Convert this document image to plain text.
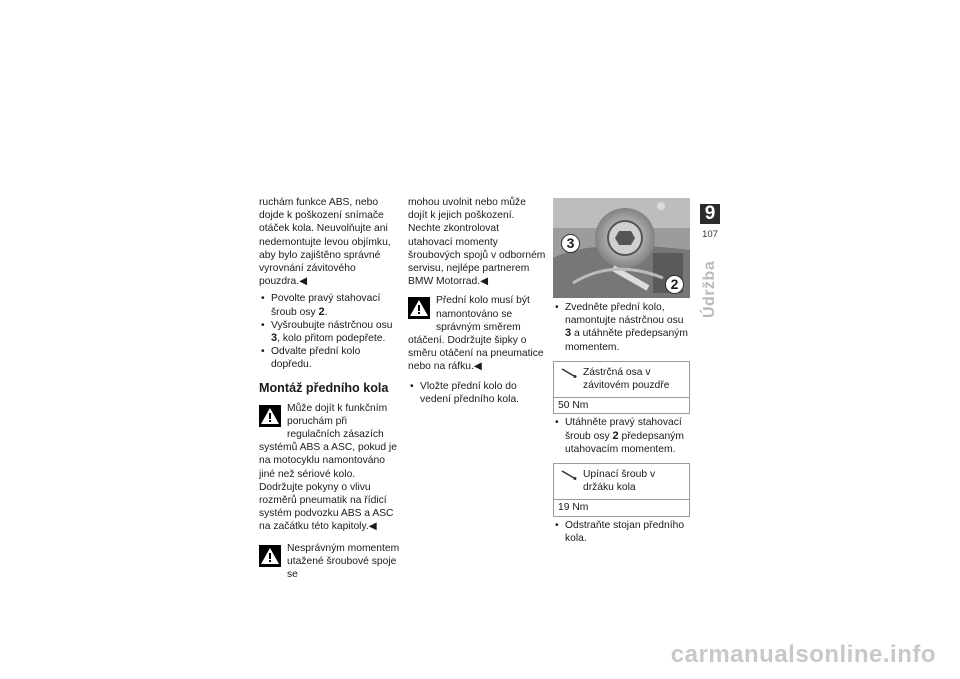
ruchám funkce ABS, nebo dojde k poškození snímače otáček kola. Neuvolňujte ani nedemontujte levou objímku, aby bylo zajištěno správné vyrovnání závitového pouzdra.◀

• Povolte pravý stahovací šroub osy 2.
• Vyšroubujte nástrčnou osu 3, kolo přitom podepřete.
• Odvalte přední kolo dopředu.
Montáž předního kola

Může dojít k funkčním poruchám při regulačních zásazích systémů ABS a ASC, pokud je na motocyklu namontováno jiné než sériové kolo. Dodržujte pokyny o vlivu rozměrů pneumatik na řídicí systém podvozku ABS a ASC na začátku této kapitoly.◀

Nesprávným momentem utažené šroubové spoje se

mohou uvolnit nebo může dojít k jejich poškození. Nechte zkontrolovat utahovací momenty šroubových spojů v odborném servisu, nejlépe partnerem BMW Motorrad.◀

Přední kolo musí být namontováno se správným směrem otáčení. Dodržujte šipky o směru otáčení na pneumatice nebo na ráfku.◀

• Vložte přední kolo do vedení předního kola.
3
2
• Zvedněte přední kolo, namontujte nástrčnou osu 3 a utáhněte předepsaným momentem.
Zástrčná osa v závitovém pouzdře
50 Nm
• Utáhněte pravý stahovací šroub osy 2 předepsaným utahovacím momentem.
Upínací šroub v držáku kola
19 Nm
• Odstraňte stojan předního kola.
9
107
Údržba
carmanualsonline.info
